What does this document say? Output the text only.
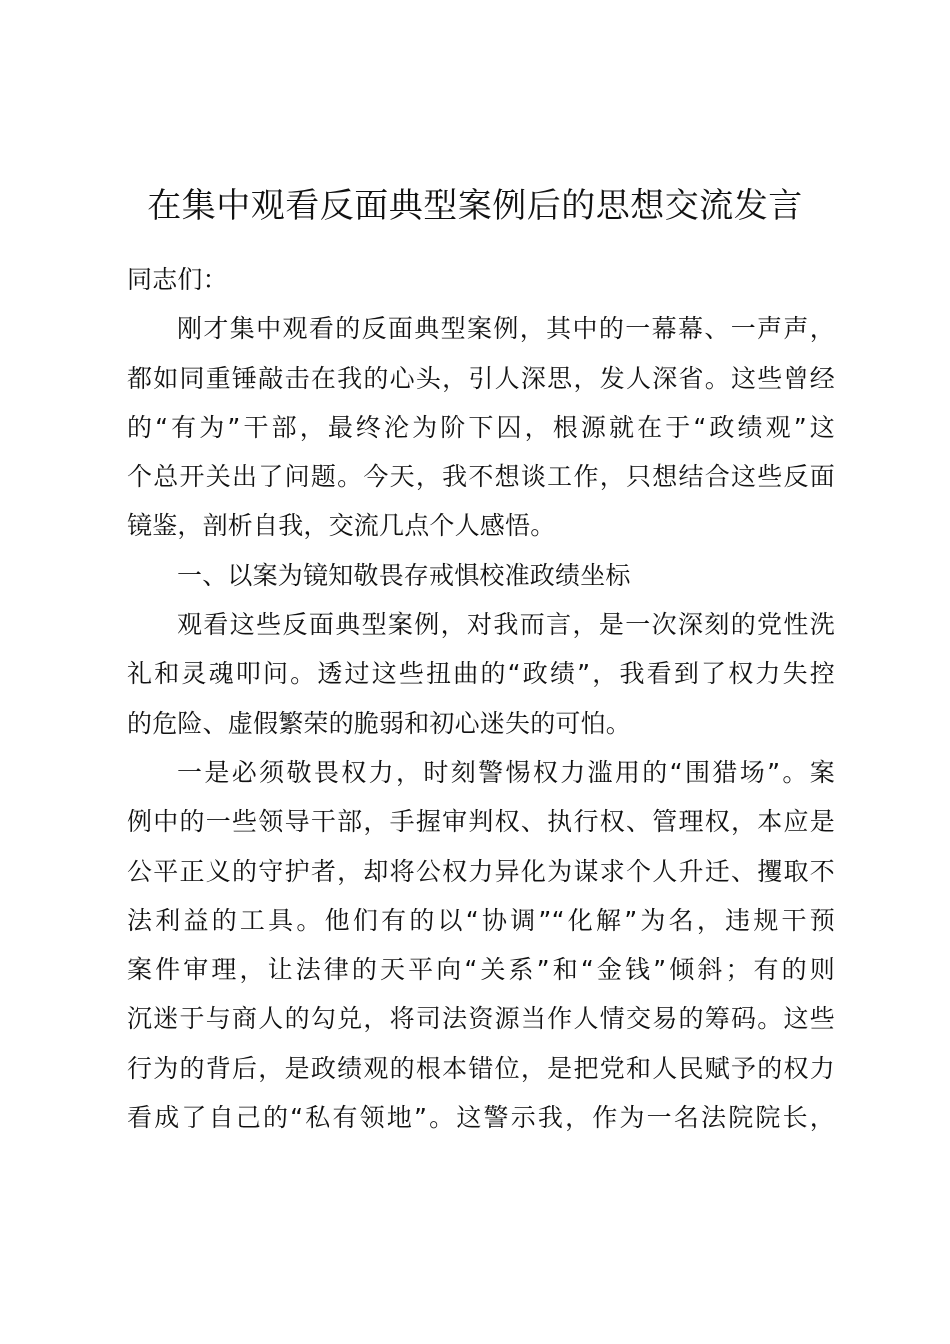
在集中观看反面典型案例后的思想交流发言
同志们：
刚才集中观看的反面典型案例，其中的一幕幕、一声声，
都如同重锤敲击在我的心头，引人深思，发人深省。这些曾经
的“有为”干部，最终沦为阶下囚，根源就在于“政绩观”这
个总开关出了问题。今天，我不想谈工作，只想结合这些反面
镜鉴，剖析自我，交流几点个人感悟。
一、以案为镜知敬畏存戒惧校准政绩坐标
观看这些反面典型案例，对我而言，是一次深刻的党性洗
礼和灵魂叩问。透过这些扭曲的“政绩”，我看到了权力失控
的危险、虚假繁荣的脆弱和初心迷失的可怕。
一是必须敬畏权力，时刻警惕权力滥用的“围猎场”。案
例中的一些领导干部，手握审判权、执行权、管理权，本应是
公平正义的守护者，却将公权力异化为谋求个人升迁、攫取不
法利益的工具。他们有的以“协调”“化解”为名，违规干预
案件审理，让法律的天平向“关系”和“金钱”倾斜；有的则
沉迷于与商人的勾兑，将司法资源当作人情交易的筹码。这些
行为的背后，是政绩观的根本错位，是把党和人民赋予的权力
看成了自己的“私有领地”。这警示我，作为一名法院院长，
